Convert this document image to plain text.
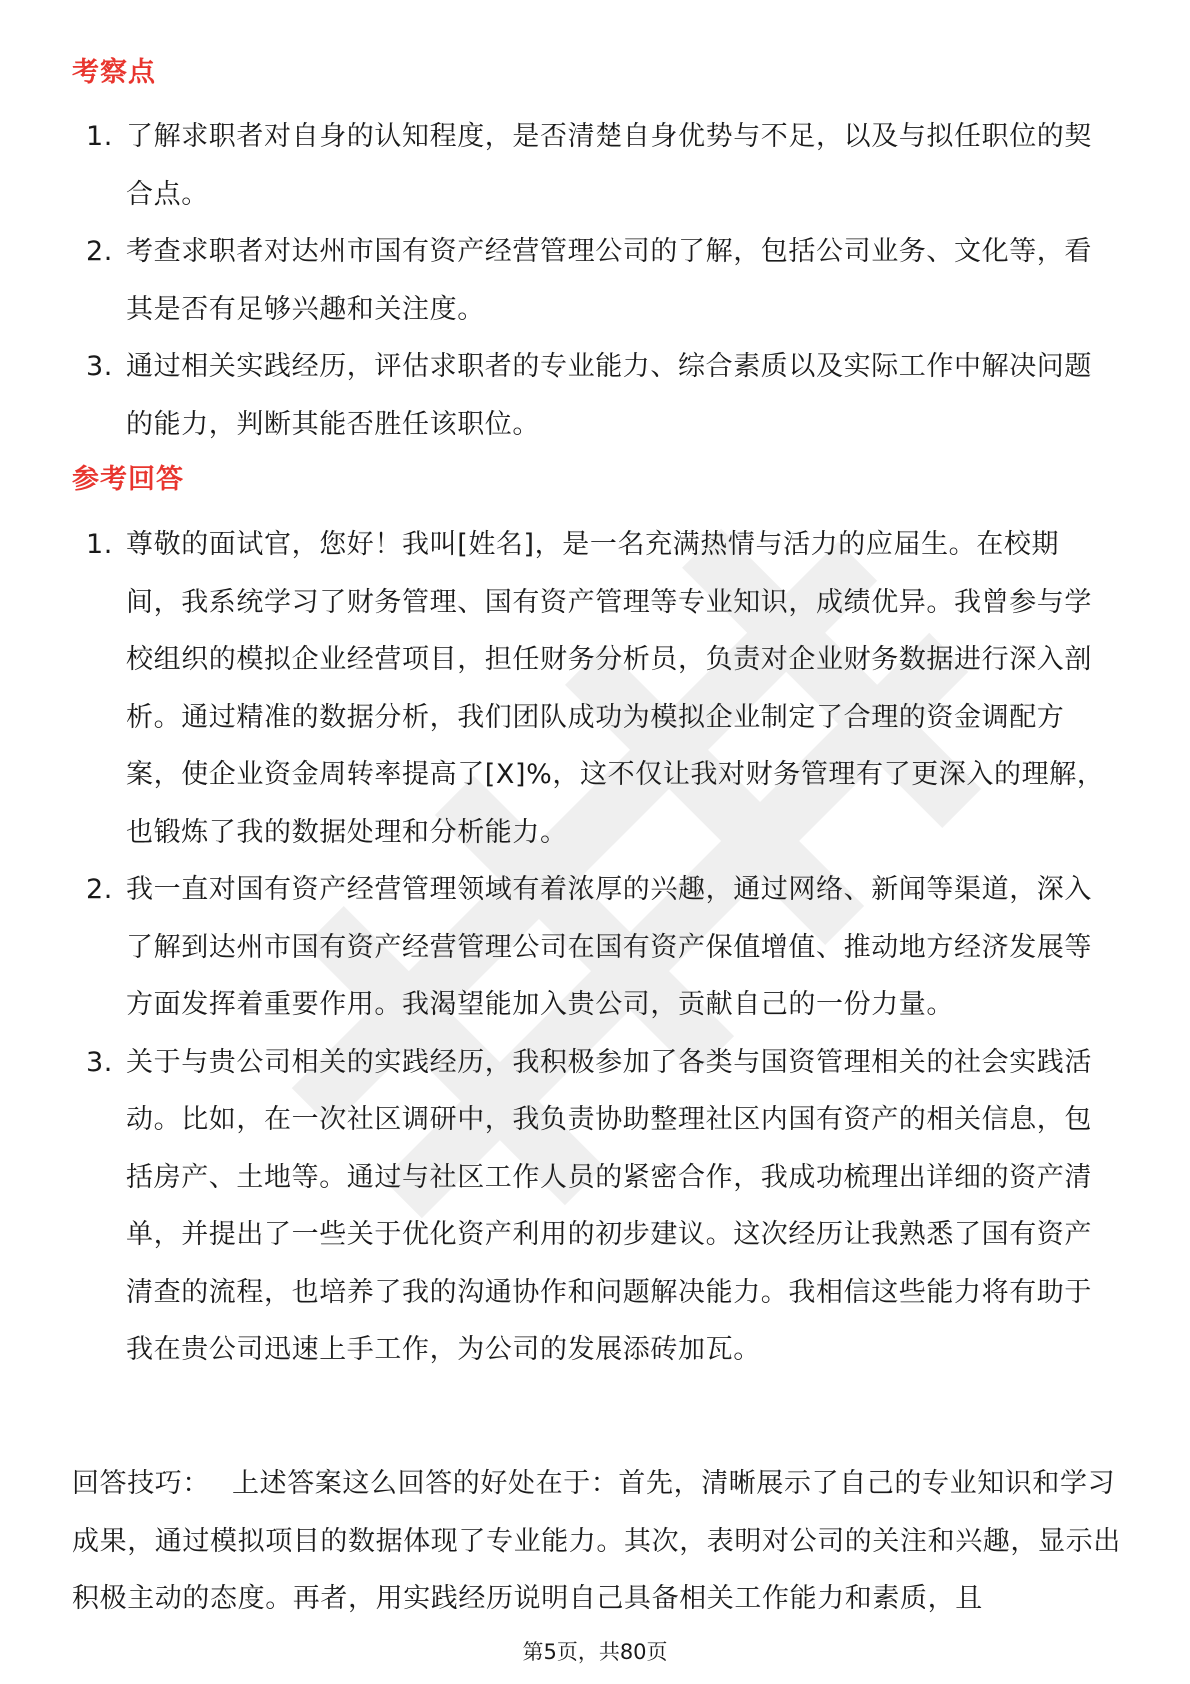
考察点
1. 了解求职者对自身的认知程度，是否清楚自身优势与不足，以及与拟任职位的契合点。
2. 考查求职者对达州市国有资产经营管理公司的了解，包括公司业务、文化等，看其是否有足够兴趣和关注度。
3. 通过相关实践经历，评估求职者的专业能力、综合素质以及实际工作中解决问题的能力，判断其能否胜任该职位。
参考回答
1. 尊敬的面试官，您好！我叫[姓名]，是一名充满热情与活力的应届生。在校期间，我系统学习了财务管理、国有资产管理等专业知识，成绩优异。我曾参与学校组织的模拟企业经营项目，担任财务分析员，负责对企业财务数据进行深入剖析。通过精准的数据分析，我们团队成功为模拟企业制定了合理的资金调配方案，使企业资金周转率提高了[X]%，这不仅让我对财务管理有了更深入的理解，也锻炼了我的数据处理和分析能力。
2. 我一直对国有资产经营管理领域有着浓厚的兴趣，通过网络、新闻等渠道，深入了解到达州市国有资产经营管理公司在国有资产保值增值、推动地方经济发展等方面发挥着重要作用。我渴望能加入贵公司，贡献自己的一份力量。
3. 关于与贵公司相关的实践经历，我积极参加了各类与国资管理相关的社会实践活动。比如，在一次社区调研中，我负责协助整理社区内国有资产的相关信息，包括房产、土地等。通过与社区工作人员的紧密合作，我成功梳理出详细的资产清单，并提出了一些关于优化资产利用的初步建议。这次经历让我熟悉了国有资产清查的流程，也培养了我的沟通协作和问题解决能力。我相信这些能力将有助于我在贵公司迅速上手工作，为公司的发展添砖加瓦。
回答技巧： 上述答案这么回答的好处在于：首先，清晰展示了自己的专业知识和学习成果，通过模拟项目的数据体现了专业能力。其次，表明对公司的关注和兴趣，显示出积极主动的态度。再者，用实践经历说明自己具备相关工作能力和素质，且
第5页，共80页
